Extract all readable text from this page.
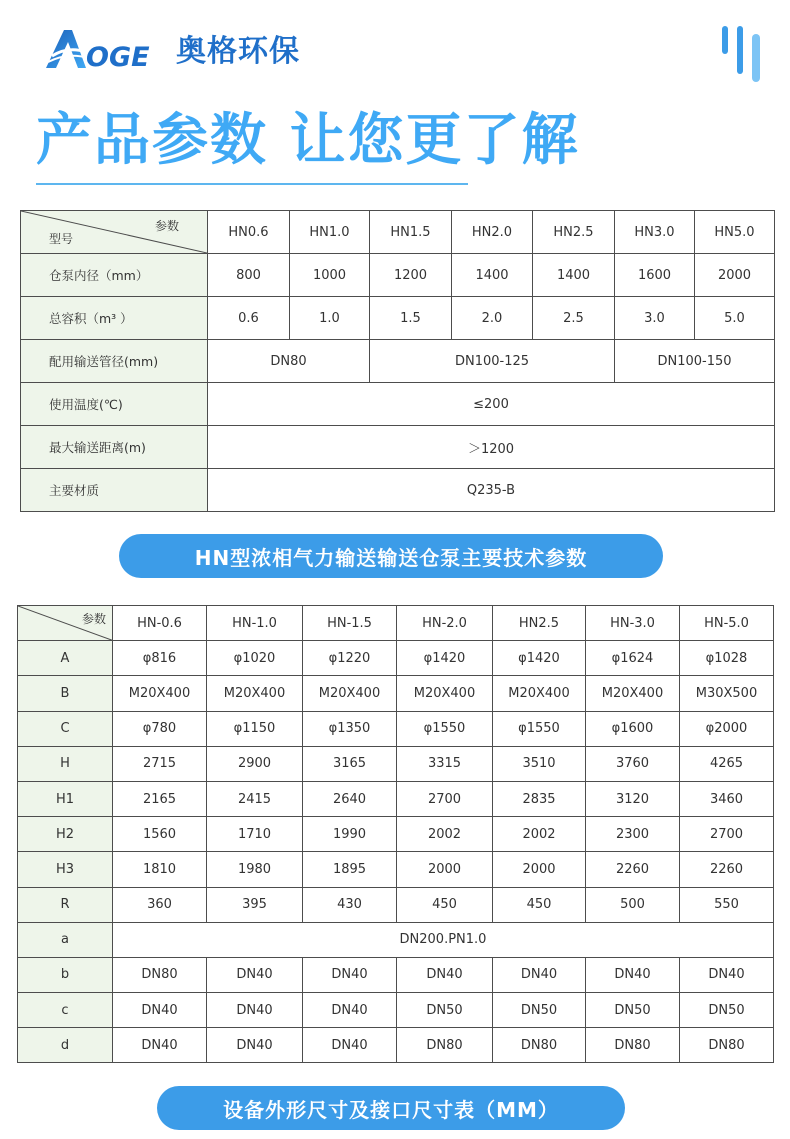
OGE 奥格环保
产品参数 让您更了解
参数
型号	HN0.6	HN1.0	HN1.5	HN2.0	HN2.5	HN3.0	HN5.0
仓泵内径（mm）	800	1000	1200	1400	1400	1600	2000
总容积（m³ ）	0.6	1.0	1.5	2.0	2.5	3.0	5.0
配用输送管径(mm)	DN80		DN100-125			DN100-150	
使用温度(℃)	≤200						
最大输送距离(m)	＞1200						
主要材质	Q235-B						
HN型浓相气力输送输送仓泵主要技术参数
参数	HN-0.6	HN-1.0	HN-1.5	HN-2.0	HN2.5	HN-3.0	HN-5.0
A	φ816	φ1020	φ1220	φ1420	φ1420	φ1624	φ1028
B	M20X400	M20X400	M20X400	M20X400	M20X400	M20X400	M30X500
C	φ780	φ1150	φ1350	φ1550	φ1550	φ1600	φ2000
H	2715	2900	3165	3315	3510	3760	4265
H1	2165	2415	2640	2700	2835	3120	3460
H2	1560	1710	1990	2002	2002	2300	2700
H3	1810	1980	1895	2000	2000	2260	2260
R	360	395	430	450	450	500	550
a	DN200.PN1.0						
b	DN80	DN40	DN40	DN40	DN40	DN40	DN40
c	DN40	DN40	DN40	DN50	DN50	DN50	DN50
d	DN40	DN40	DN40	DN80	DN80	DN80	DN80
设备外形尺寸及接口尺寸表（MM）
